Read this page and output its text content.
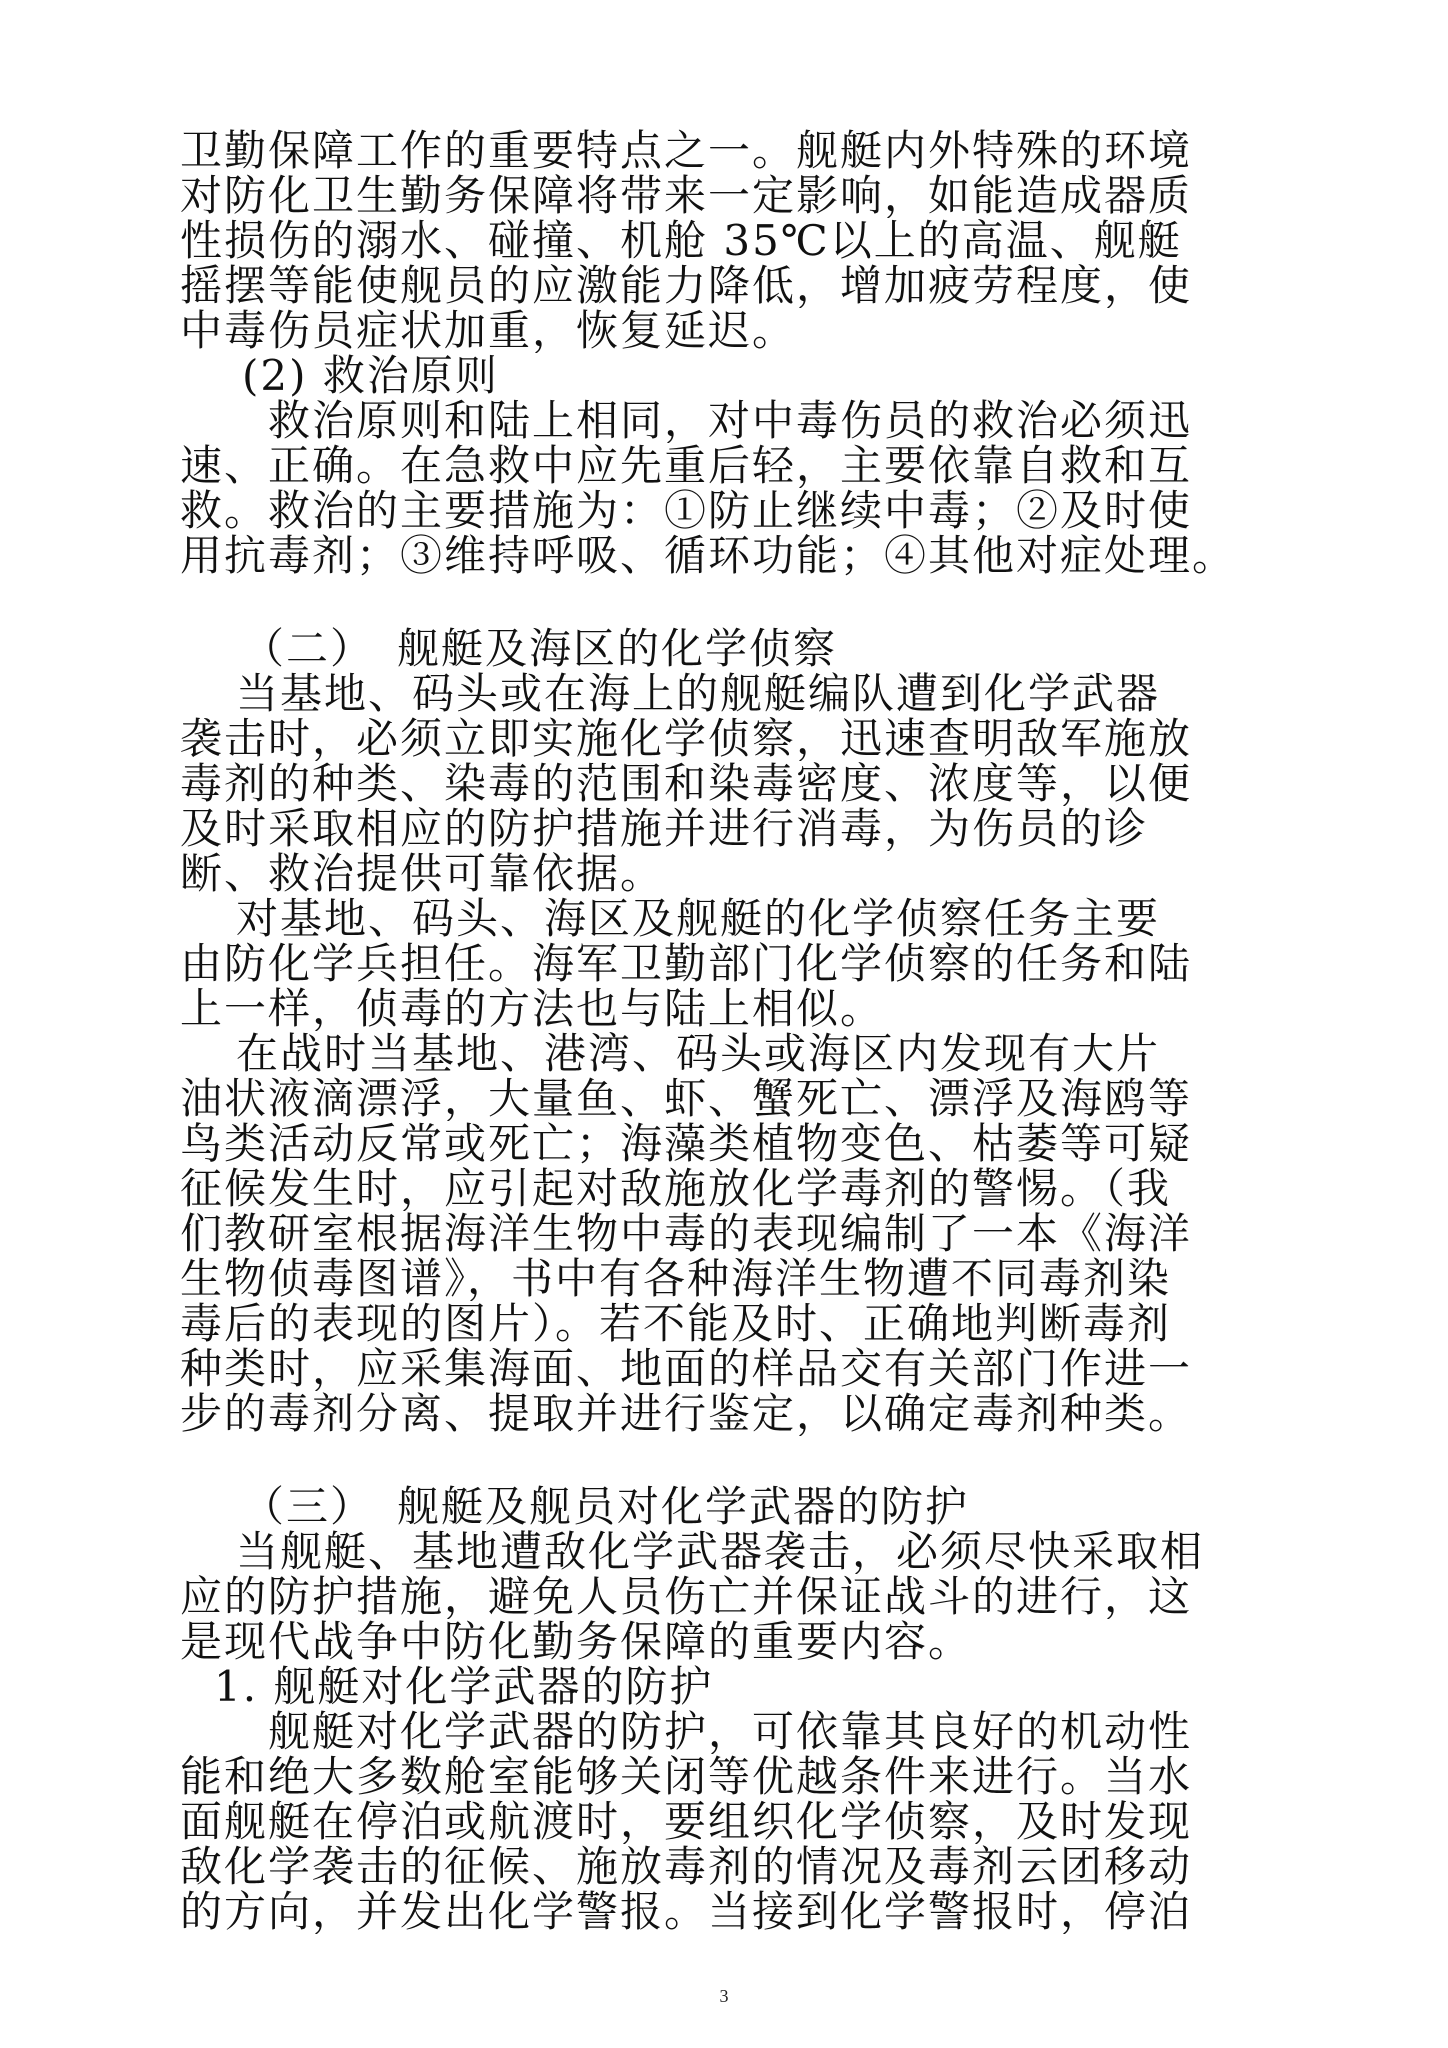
卫勤保障工作的重要特点之一。舰艇内外特殊的环境
对防化卫生勤务保障将带来一定影响，如能造成器质
性损伤的溺水、碰撞、机舱 35℃以上的高温、舰艇
摇摆等能使舰员的应激能力降低，增加疲劳程度，使
中毒伤员症状加重，恢复延迟。
(2) 救治原则
救治原则和陆上相同，对中毒伤员的救治必须迅
速、正确。在急救中应先重后轻，主要依靠自救和互
救。救治的主要措施为：①防止继续中毒；②及时使
用抗毒剂；③维持呼吸、循环功能；④其他对症处理。
（二）　舰艇及海区的化学侦察
当基地、码头或在海上的舰艇编队遭到化学武器
袭击时，必须立即实施化学侦察，迅速查明敌军施放
毒剂的种类、染毒的范围和染毒密度、浓度等，以便
及时采取相应的防护措施并进行消毒，为伤员的诊
断、救治提供可靠依据。
对基地、码头、海区及舰艇的化学侦察任务主要
由防化学兵担任。海军卫勤部门化学侦察的任务和陆
上一样，侦毒的方法也与陆上相似。
在战时当基地、港湾、码头或海区内发现有大片
油状液滴漂浮，大量鱼、虾、蟹死亡、漂浮及海鸥等
鸟类活动反常或死亡；海藻类植物变色、枯萎等可疑
征候发生时，应引起对敌施放化学毒剂的警惕。（我
们教研室根据海洋生物中毒的表现编制了一本《海洋
生物侦毒图谱》，书中有各种海洋生物遭不同毒剂染
毒后的表现的图片）。若不能及时、正确地判断毒剂
种类时，应采集海面、地面的样品交有关部门作进一
步的毒剂分离、提取并进行鉴定，以确定毒剂种类。
（三）　舰艇及舰员对化学武器的防护
当舰艇、基地遭敌化学武器袭击，必须尽快采取相
应的防护措施，避免人员伤亡并保证战斗的进行，这
是现代战争中防化勤务保障的重要内容。
1. 舰艇对化学武器的防护
舰艇对化学武器的防护，可依靠其良好的机动性
能和绝大多数舱室能够关闭等优越条件来进行。当水
面舰艇在停泊或航渡时，要组织化学侦察，及时发现
敌化学袭击的征候、施放毒剂的情况及毒剂云团移动
的方向，并发出化学警报。当接到化学警报时，停泊
3
